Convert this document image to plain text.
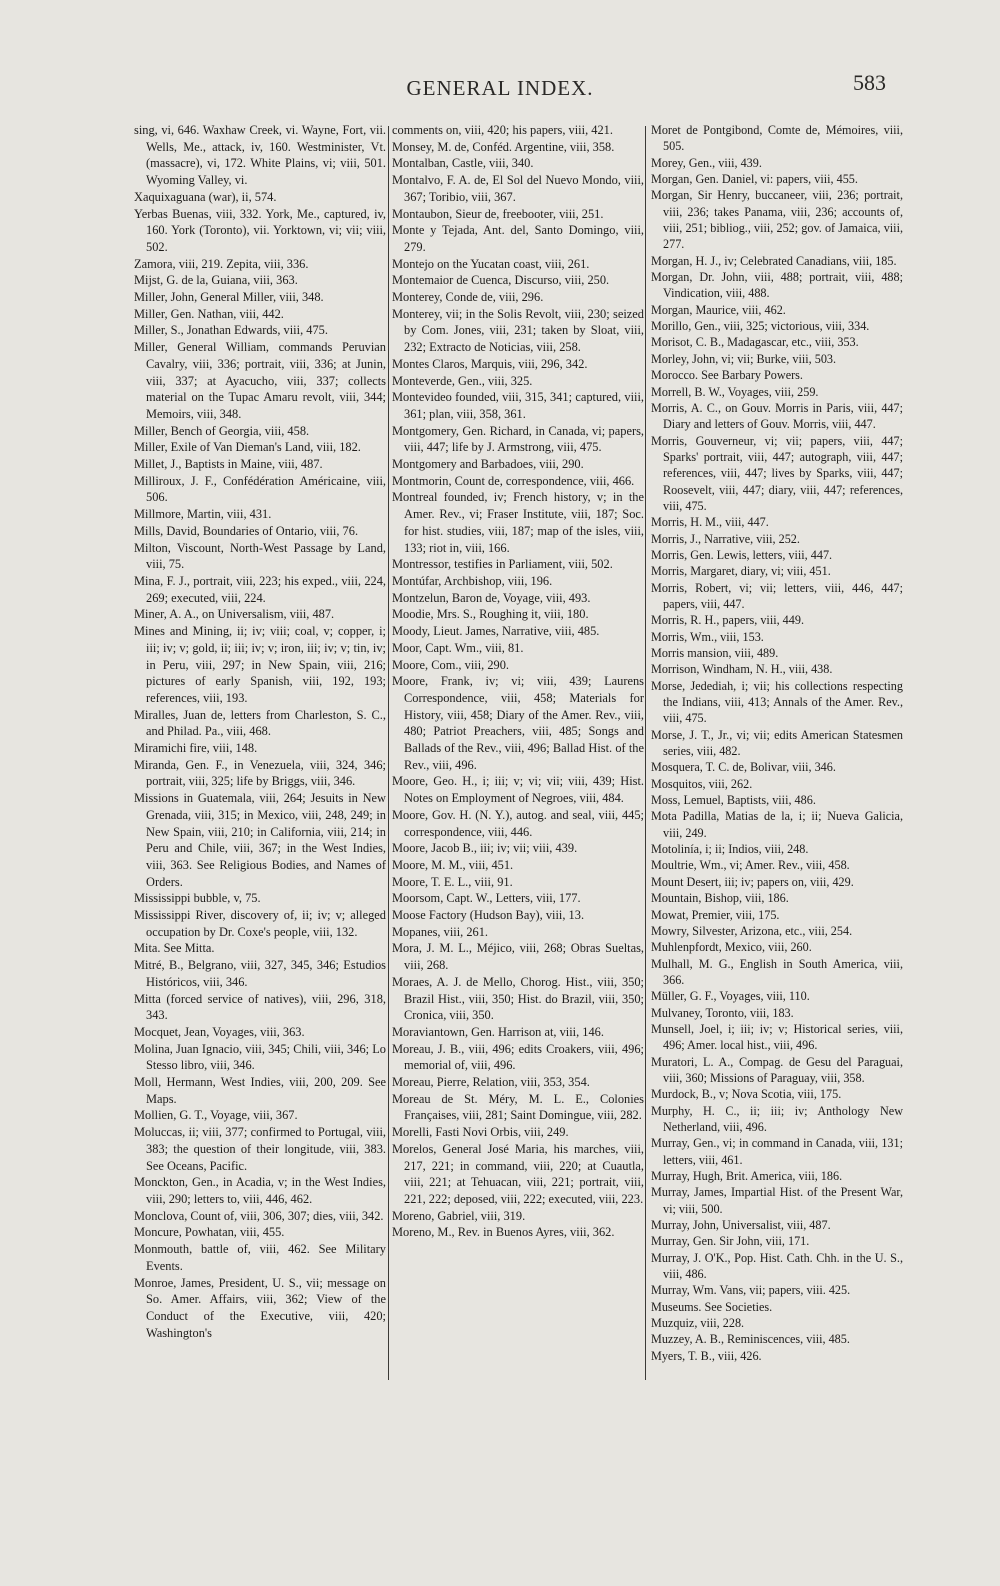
GENERAL INDEX.	583

sing, vi, 646. Waxhaw Creek, vi. Wayne, Fort, vii. Wells, Me., attack, iv, 160. Westminister, Vt. (massacre), vi, 172. White Plains, vi; viii, 501. Wyoming Valley, vi.

Xaquixaguana (war), ii, 574.

Yerbas Buenas, viii, 332. York, Me., captured, iv, 160. York (Toronto), vii. Yorktown, vi; vii; viii, 502.

Zamora, viii, 219. Zepita, viii, 336.

Mijst, G. de la, Guiana, viii, 363.

Miller, John, General Miller, viii, 348.

Miller, Gen. Nathan, viii, 442.

Miller, S., Jonathan Edwards, viii, 475.

Miller, General William, commands Peruvian Cavalry, viii, 336; portrait, viii, 336; at Junin, viii, 337; at Ayacucho, viii, 337; collects material on the Tupac Amaru revolt, viii, 344; Memoirs, viii, 348.

Miller, Bench of Georgia, viii, 458.

Miller, Exile of Van Dieman's Land, viii, 182.

Millet, J., Baptists in Maine, viii, 487.

Milliroux, J. F., Confédération Américaine, viii, 506.

Millmore, Martin, viii, 431.

Mills, David, Boundaries of Ontario, viii, 76.

Milton, Viscount, North-West Passage by Land, viii, 75.

Mina, F. J., portrait, viii, 223; his exped., viii, 224, 269; executed, viii, 224.

Miner, A. A., on Universalism, viii, 487.

Mines and Mining, ii; iv; viii; coal, v; copper, i; iii; iv; v; gold, ii; iii; iv; v; iron, iii; iv; v; tin, iv; in Peru, viii, 297; in New Spain, viii, 216; pictures of early Spanish, viii, 192, 193; references, viii, 193.

Miralles, Juan de, letters from Charleston, S. C., and Philad. Pa., viii, 468.

Miramichi fire, viii, 148.

Miranda, Gen. F., in Venezuela, viii, 324, 346; portrait, viii, 325; life by Briggs, viii, 346.

Missions in Guatemala, viii, 264; Jesuits in New Grenada, viii, 315; in Mexico, viii, 248, 249; in New Spain, viii, 210; in California, viii, 214; in Peru and Chile, viii, 367; in the West Indies, viii, 363. See Religious Bodies, and Names of Orders.

Mississippi bubble, v, 75.

Mississippi River, discovery of, ii; iv; v; alleged occupation by Dr. Coxe's people, viii, 132.

Mita. See Mitta.

Mitré, B., Belgrano, viii, 327, 345, 346; Estudios Históricos, viii, 346.

Mitta (forced service of natives), viii, 296, 318, 343.

Mocquet, Jean, Voyages, viii, 363.

Molina, Juan Ignacio, viii, 345; Chili, viii, 346; Lo Stesso libro, viii, 346.

Moll, Hermann, West Indies, viii, 200, 209. See Maps.

Mollien, G. T., Voyage, viii, 367.

Moluccas, ii; viii, 377; confirmed to Portugal, viii, 383; the question of their longitude, viii, 383. See Oceans, Pacific.

Monckton, Gen., in Acadia, v; in the West Indies, viii, 290; letters to, viii, 446, 462.

Monclova, Count of, viii, 306, 307; dies, viii, 342.

Moncure, Powhatan, viii, 455.

Monmouth, battle of, viii, 462. See Military Events.

Monroe, James, President, U. S., vii; message on So. Amer. Affairs, viii, 362; View of the Conduct of the Executive, viii, 420; Washington's

comments on, viii, 420; his papers, viii, 421.

Monsey, M. de, Conféd. Argentine, viii, 358.

Montalban, Castle, viii, 340.

Montalvo, F. A. de, El Sol del Nuevo Mondo, viii, 367; Toribio, viii, 367.

Montaubon, Sieur de, freebooter, viii, 251.

Monte y Tejada, Ant. del, Santo Domingo, viii, 279.

Montejo on the Yucatan coast, viii, 261.

Montemaior de Cuenca, Discurso, viii, 250.

Monterey, Conde de, viii, 296.

Monterey, vii; in the Solis Revolt, viii, 230; seized by Com. Jones, viii, 231; taken by Sloat, viii, 232; Extracto de Noticias, viii, 258.

Montes Claros, Marquis, viii, 296, 342.

Monteverde, Gen., viii, 325.

Montevideo founded, viii, 315, 341; captured, viii, 361; plan, viii, 358, 361.

Montgomery, Gen. Richard, in Canada, vi; papers, viii, 447; life by J. Armstrong, viii, 475.

Montgomery and Barbadoes, viii, 290.

Montmorin, Count de, correspondence, viii, 466.

Montreal founded, iv; French history, v; in the Amer. Rev., vi; Fraser Institute, viii, 187; Soc. for hist. studies, viii, 187; map of the isles, viii, 133; riot in, viii, 166.

Montressor, testifies in Parliament, viii, 502.

Montúfar, Archbishop, viii, 196.

Montzelun, Baron de, Voyage, viii, 493.

Moodie, Mrs. S., Roughing it, viii, 180.

Moody, Lieut. James, Narrative, viii, 485.

Moor, Capt. Wm., viii, 81.

Moore, Com., viii, 290.

Moore, Frank, iv; vi; viii, 439; Laurens Correspondence, viii, 458; Materials for History, viii, 458; Diary of the Amer. Rev., viii, 480; Patriot Preachers, viii, 485; Songs and Ballads of the Rev., viii, 496; Ballad Hist. of the Rev., viii, 496.

Moore, Geo. H., i; iii; v; vi; vii; viii, 439; Hist. Notes on Employment of Negroes, viii, 484.

Moore, Gov. H. (N. Y.), autog. and seal, viii, 445; correspondence, viii, 446.

Moore, Jacob B., iii; iv; vii; viii, 439.

Moore, M. M., viii, 451.

Moore, T. E. L., viii, 91.

Moorsom, Capt. W., Letters, viii, 177.

Moose Factory (Hudson Bay), viii, 13.

Mopanes, viii, 261.

Mora, J. M. L., Méjico, viii, 268; Obras Sueltas, viii, 268.

Moraes, A. J. de Mello, Chorog. Hist., viii, 350; Brazil Hist., viii, 350; Hist. do Brazil, viii, 350; Cronica, viii, 350.

Moraviantown, Gen. Harrison at, viii, 146.

Moreau, J. B., viii, 496; edits Croakers, viii, 496; memorial of, viii, 496.

Moreau, Pierre, Relation, viii, 353, 354.

Moreau de St. Méry, M. L. E., Colonies Françaises, viii, 281; Saint Domingue, viii, 282.

Morelli, Fasti Novi Orbis, viii, 249.

Morelos, General José Maria, his marches, viii, 217, 221; in command, viii, 220; at Cuautla, viii, 221; at Tehuacan, viii, 221; portrait, viii, 221, 222; deposed, viii, 222; executed, viii, 223.

Moreno, Gabriel, viii, 319.

Moreno, M., Rev. in Buenos Ayres, viii, 362.

Moret de Pontgibond, Comte de, Mémoires, viii, 505.

Morey, Gen., viii, 439.

Morgan, Gen. Daniel, vi: papers, viii, 455.

Morgan, Sir Henry, buccaneer, viii, 236; portrait, viii, 236; takes Panama, viii, 236; accounts of, viii, 251; bibliog., viii, 252; gov. of Jamaica, viii, 277.

Morgan, H. J., iv; Celebrated Canadians, viii, 185.

Morgan, Dr. John, viii, 488; portrait, viii, 488; Vindication, viii, 488.

Morgan, Maurice, viii, 462.

Morillo, Gen., viii, 325; victorious, viii, 334.

Morisot, C. B., Madagascar, etc., viii, 353.

Morley, John, vi; vii; Burke, viii, 503.

Morocco. See Barbary Powers.

Morrell, B. W., Voyages, viii, 259.

Morris, A. C., on Gouv. Morris in Paris, viii, 447; Diary and letters of Gouv. Morris, viii, 447.

Morris, Gouverneur, vi; vii; papers, viii, 447; Sparks' portrait, viii, 447; autograph, viii, 447; references, viii, 447; lives by Sparks, viii, 447; Roosevelt, viii, 447; diary, viii, 447; references, viii, 475.

Morris, H. M., viii, 447.

Morris, J., Narrative, viii, 252.

Morris, Gen. Lewis, letters, viii, 447.

Morris, Margaret, diary, vi; viii, 451.

Morris, Robert, vi; vii; letters, viii, 446, 447; papers, viii, 447.

Morris, R. H., papers, viii, 449.

Morris, Wm., viii, 153.

Morris mansion, viii, 489.

Morrison, Windham, N. H., viii, 438.

Morse, Jedediah, i; vii; his collections respecting the Indians, viii, 413; Annals of the Amer. Rev., viii, 475.

Morse, J. T., Jr., vi; vii; edits American Statesmen series, viii, 482.

Mosquera, T. C. de, Bolivar, viii, 346.

Mosquitos, viii, 262.

Moss, Lemuel, Baptists, viii, 486.

Mota Padilla, Matias de la, i; ii; Nueva Galicia, viii, 249.

Motolinía, i; ii; Indios, viii, 248.

Moultrie, Wm., vi; Amer. Rev., viii, 458.

Mount Desert, iii; iv; papers on, viii, 429.

Mountain, Bishop, viii, 186.

Mowat, Premier, viii, 175.

Mowry, Silvester, Arizona, etc., viii, 254.

Muhlenpfordt, Mexico, viii, 260.

Mulhall, M. G., English in South America, viii, 366.

Müller, G. F., Voyages, viii, 110.

Mulvaney, Toronto, viii, 183.

Munsell, Joel, i; iii; iv; v; Historical series, viii, 496; Amer. local hist., viii, 496.

Muratori, L. A., Compag. de Gesu del Paraguai, viii, 360; Missions of Paraguay, viii, 358.

Murdock, B., v; Nova Scotia, viii, 175.

Murphy, H. C., ii; iii; iv; Anthology New Netherland, viii, 496.

Murray, Gen., vi; in command in Canada, viii, 131; letters, viii, 461.

Murray, Hugh, Brit. America, viii, 186.

Murray, James, Impartial Hist. of the Present War, vi; viii, 500.

Murray, John, Universalist, viii, 487.

Murray, Gen. Sir John, viii, 171.

Murray, J. O'K., Pop. Hist. Cath. Chh. in the U. S., viii, 486.

Murray, Wm. Vans, vii; papers, viii. 425.

Museums. See Societies.

Muzquiz, viii, 228.

Muzzey, A. B., Reminiscences, viii, 485.

Myers, T. B., viii, 426.
